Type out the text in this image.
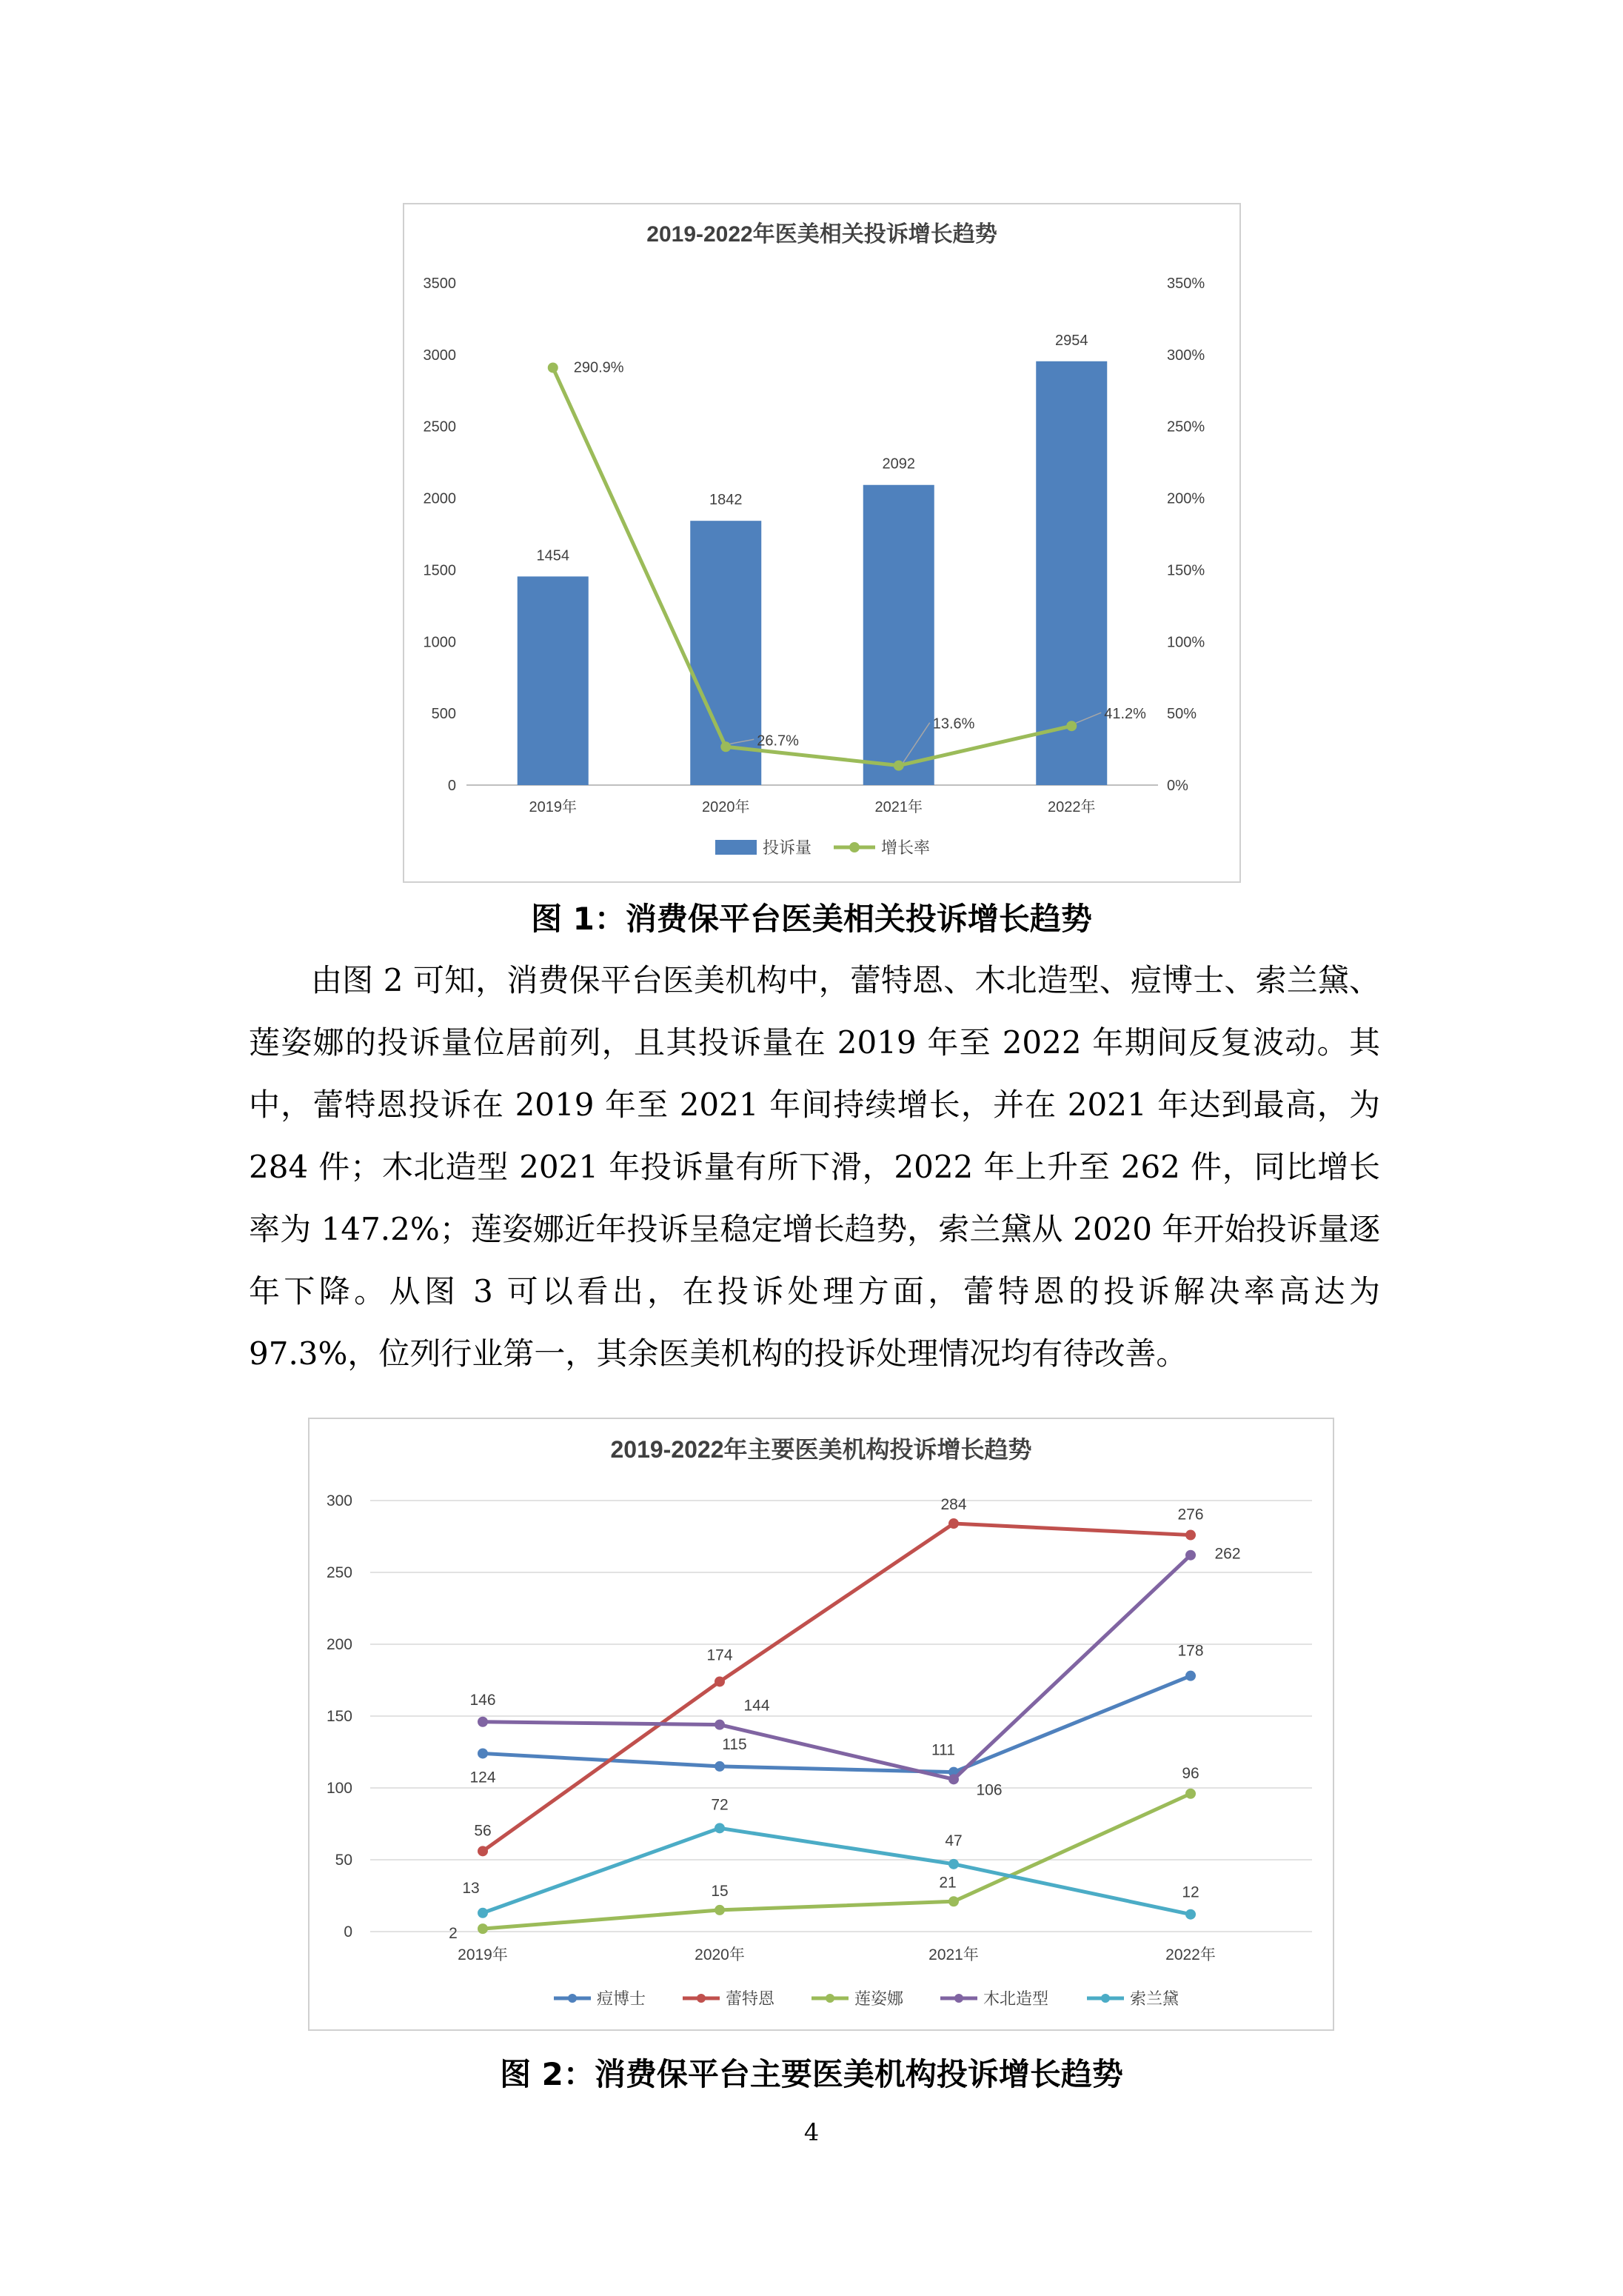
2019-2022年医美相关投诉增长趋势
0
500
1000
1500
2000
2500
3000
3500
0%
50%
100%
150%
200%
250%
300%
350%
2019年	2020年	2021年	2022年
1454
1842
2092
2954
290.9%
26.7%
13.6%
41.2%
投诉量	增长率
图 1：消费保平台医美相关投诉增长趋势

由图 2 可知，消费保平台医美机构中，蕾特恩、木北造型、痘博士、索兰黛、莲姿娜的投诉量位居前列，且其投诉量在 2019 年至 2022 年期间反复波动。其中，蕾特恩投诉在 2019 年至 2021 年间持续增长，并在 2021 年达到最高，为 284 件；木北造型 2021 年投诉量有所下滑，2022 年上升至 262 件，同比增长率为 147.2%；莲姿娜近年投诉呈稳定增长趋势，索兰黛从 2020 年开始投诉量逐年下降。从图 3 可以看出，在投诉处理方面，蕾特恩的投诉解决率高达为 97.3%，位列行业第一，其余医美机构的投诉处理情况均有待改善。

2019-2022年主要医美机构投诉增长趋势
0
50
100
150
200
250
300
2019年	2020年	2021年	2022年
124
115	111
178
56
174
284
276
2
15
21
96
146	144
106
262
13
72
47
12
痘博士	蕾特恩	莲姿娜	木北造型	索兰黛
图 2：消费保平台主要医美机构投诉增长趋势
4
